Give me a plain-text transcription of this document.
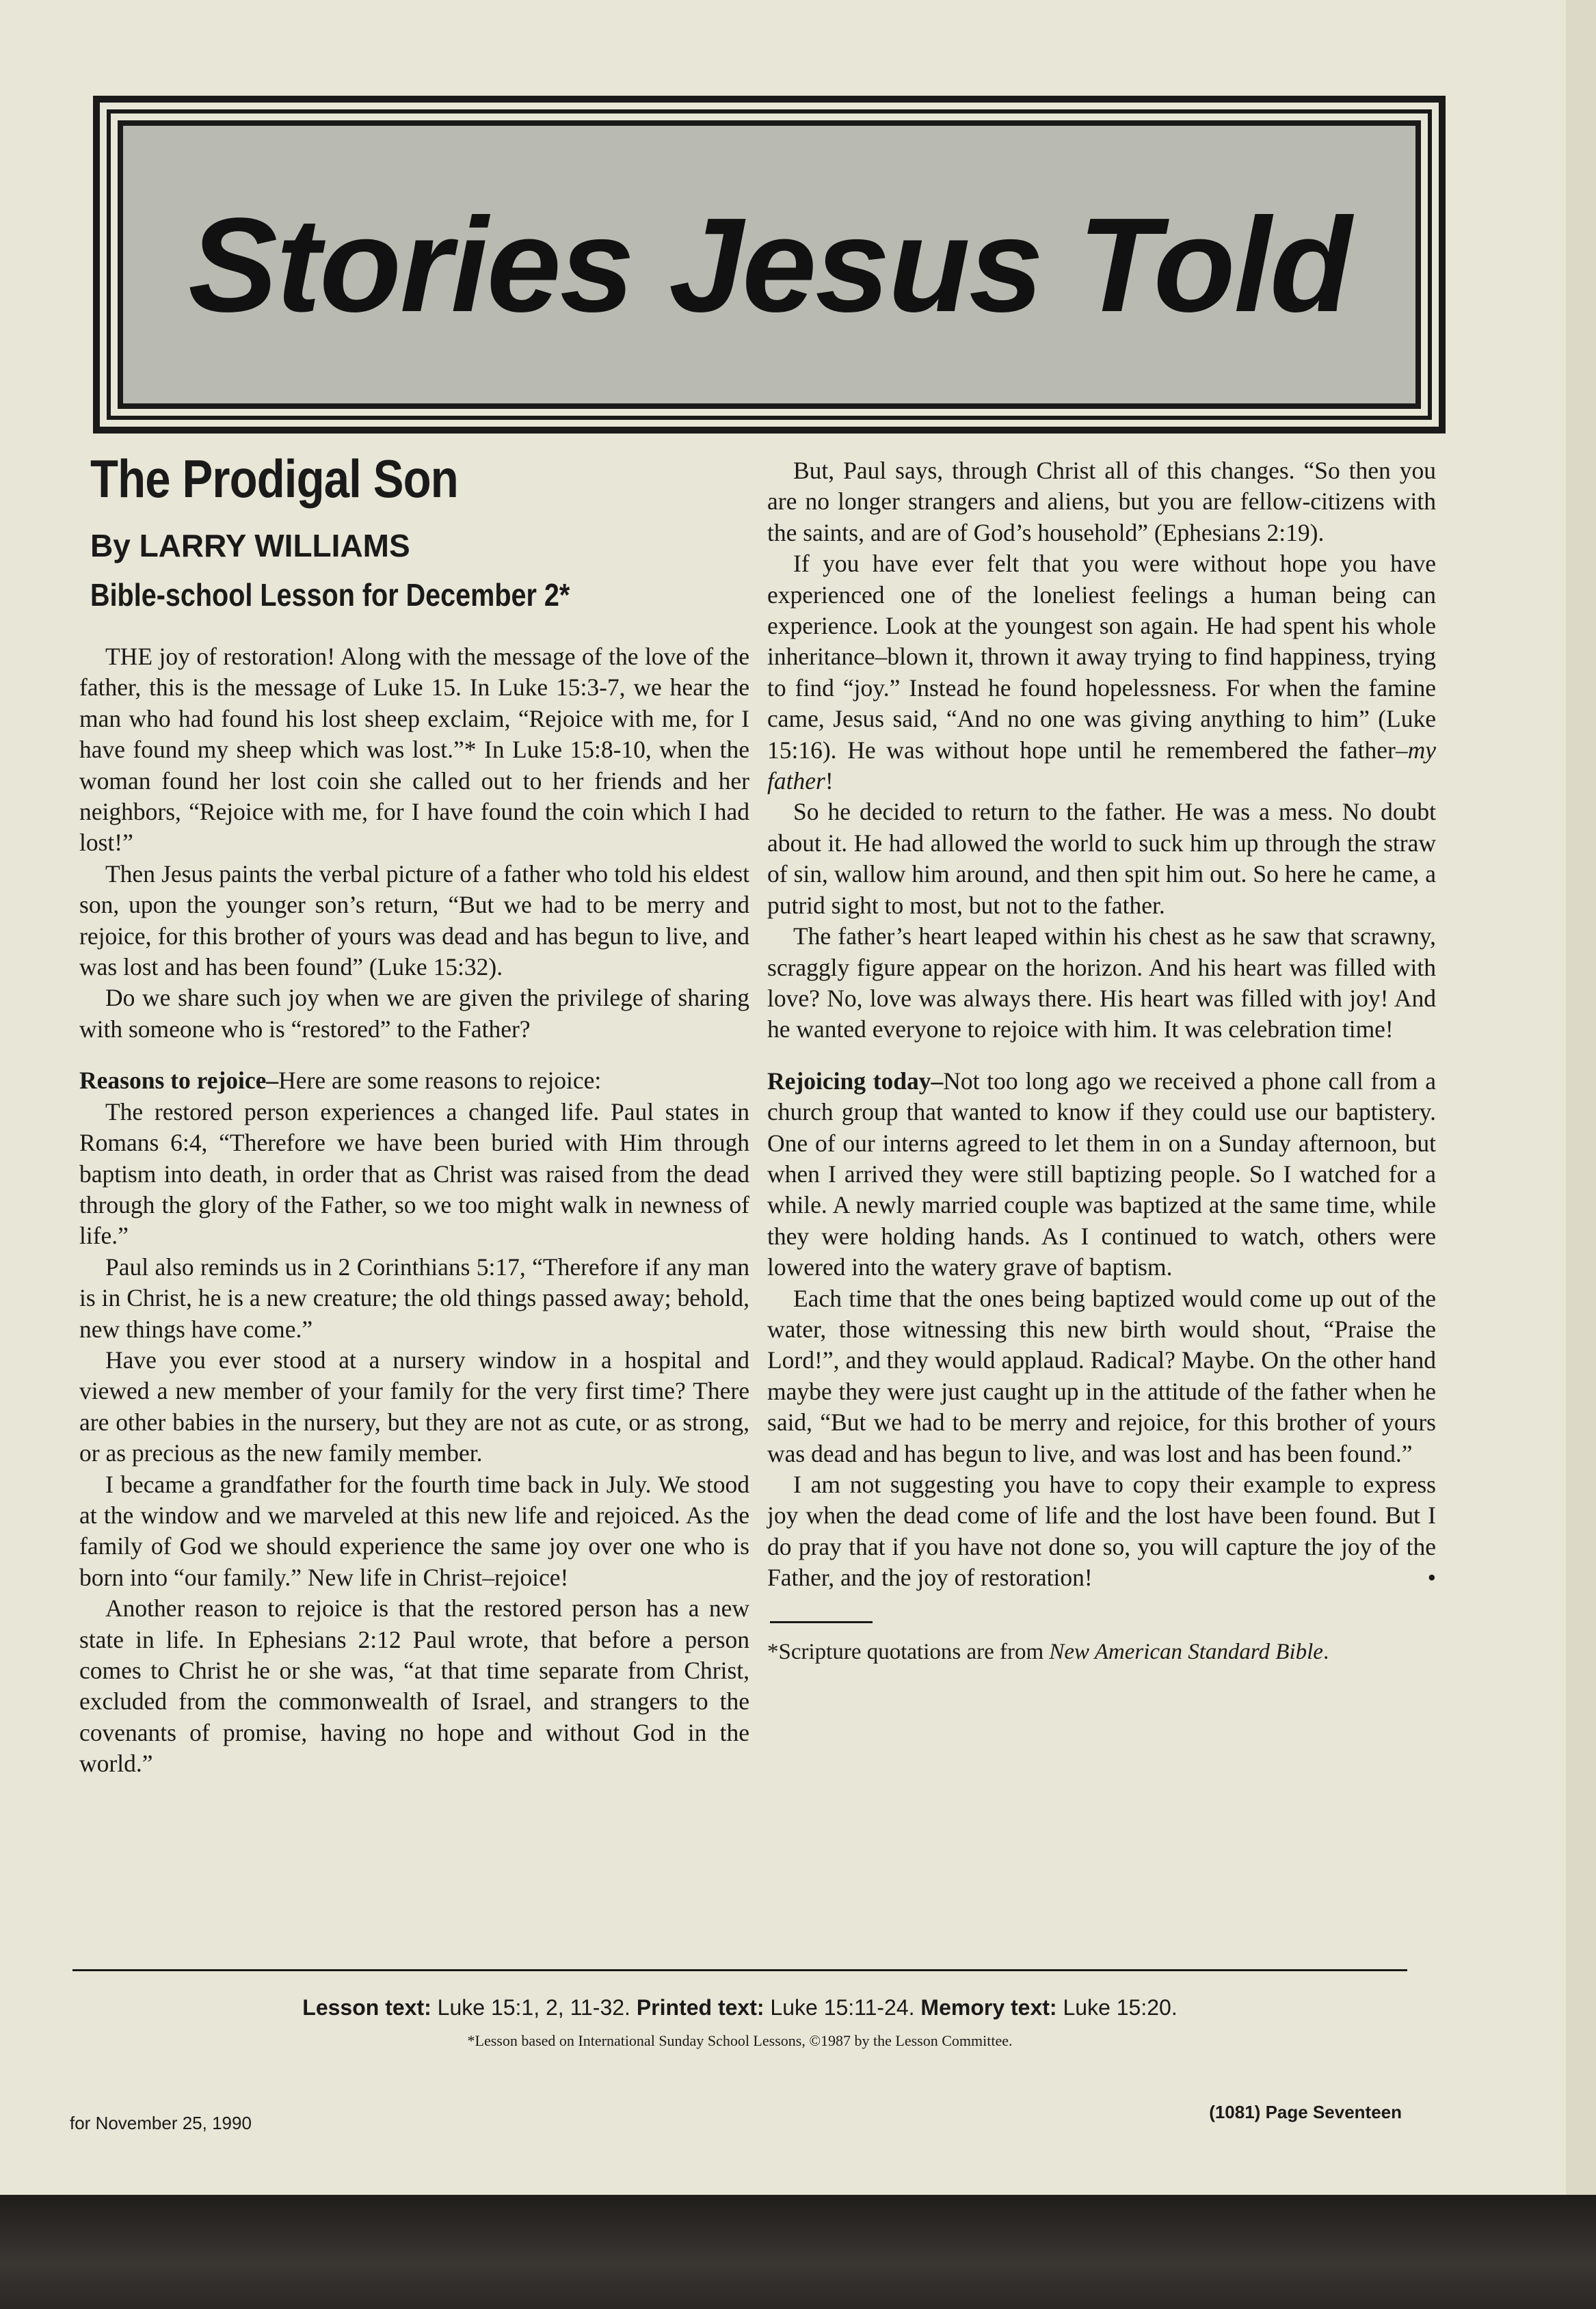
Stories Jesus Told
The Prodigal Son
By LARRY WILLIAMS
Bible-school Lesson for December 2*

THE joy of restoration! Along with the message of the love of the father, this is the message of Luke 15. In Luke 15:3-7, we hear the man who had found his lost sheep exclaim, “Rejoice with me, for I have found my sheep which was lost.”* In Luke 15:8-10, when the woman found her lost coin she called out to her friends and her neighbors, “Rejoice with me, for I have found the coin which I had lost!”

Then Jesus paints the verbal picture of a father who told his eldest son, upon the younger son’s return, “But we had to be merry and rejoice, for this brother of yours was dead and has begun to live, and was lost and has been found” (Luke 15:32).

Do we share such joy when we are given the privilege of sharing with someone who is “restored” to the Father?

Reasons to rejoice–Here are some reasons to rejoice:

The restored person experiences a changed life. Paul states in Romans 6:4, “Therefore we have been buried with Him through baptism into death, in order that as Christ was raised from the dead through the glory of the Father, so we too might walk in newness of life.”

Paul also reminds us in 2 Corinthians 5:17, “Therefore if any man is in Christ, he is a new creature; the old things passed away; behold, new things have come.”

Have you ever stood at a nursery window in a hospital and viewed a new member of your family for the very first time? There are other babies in the nursery, but they are not as cute, or as strong, or as precious as the new family member.

I became a grandfather for the fourth time back in July. We stood at the window and we marveled at this new life and rejoiced. As the family of God we should experience the same joy over one who is born into “our family.” New life in Christ–rejoice!

Another reason to rejoice is that the restored person has a new state in life. In Ephesians 2:12 Paul wrote, that before a person comes to Christ he or she was, “at that time separate from Christ, excluded from the commonwealth of Israel, and strangers to the covenants of promise, having no hope and without God in the world.”

But, Paul says, through Christ all of this changes. “So then you are no longer strangers and aliens, but you are fellow-citizens with the saints, and are of God’s household” (Ephesians 2:19).

If you have ever felt that you were without hope you have experienced one of the loneliest feelings a human being can experience. Look at the youngest son again. He had spent his whole inheritance–blown it, thrown it away trying to find happiness, trying to find “joy.” Instead he found hopelessness. For when the famine came, Jesus said, “And no one was giving anything to him” (Luke 15:16). He was without hope until he remembered the father–my father!

So he decided to return to the father. He was a mess. No doubt about it. He had allowed the world to suck him up through the straw of sin, wallow him around, and then spit him out. So here he came, a putrid sight to most, but not to the father.

The father’s heart leaped within his chest as he saw that scrawny, scraggly figure appear on the horizon. And his heart was filled with love? No, love was always there. His heart was filled with joy! And he wanted everyone to rejoice with him. It was celebration time!

Rejoicing today–Not too long ago we received a phone call from a church group that wanted to know if they could use our baptistery. One of our interns agreed to let them in on a Sunday afternoon, but when I arrived they were still baptizing people. So I watched for a while. A newly married couple was baptized at the same time, while they were holding hands. As I continued to watch, others were lowered into the watery grave of baptism.

Each time that the ones being baptized would come up out of the water, those witnessing this new birth would shout, “Praise the Lord!”, and they would applaud. Radical? Maybe. On the other hand maybe they were just caught up in the attitude of the father when he said, “But we had to be merry and rejoice, for this brother of yours was dead and has begun to live, and was lost and has been found.”

I am not suggesting you have to copy their example to express joy when the dead come of life and the lost have been found. But I do pray that if you have not done so, you will capture the joy of the Father, and the joy of restoration!	•

*Scripture quotations are from New American Standard Bible.

Lesson text: Luke 15:1, 2, 11-32. Printed text: Luke 15:11-24. Memory text: Luke 15:20.
*Lesson based on International Sunday School Lessons, ©1987 by the Lesson Committee.
for November 25, 1990
(1081) Page Seventeen
